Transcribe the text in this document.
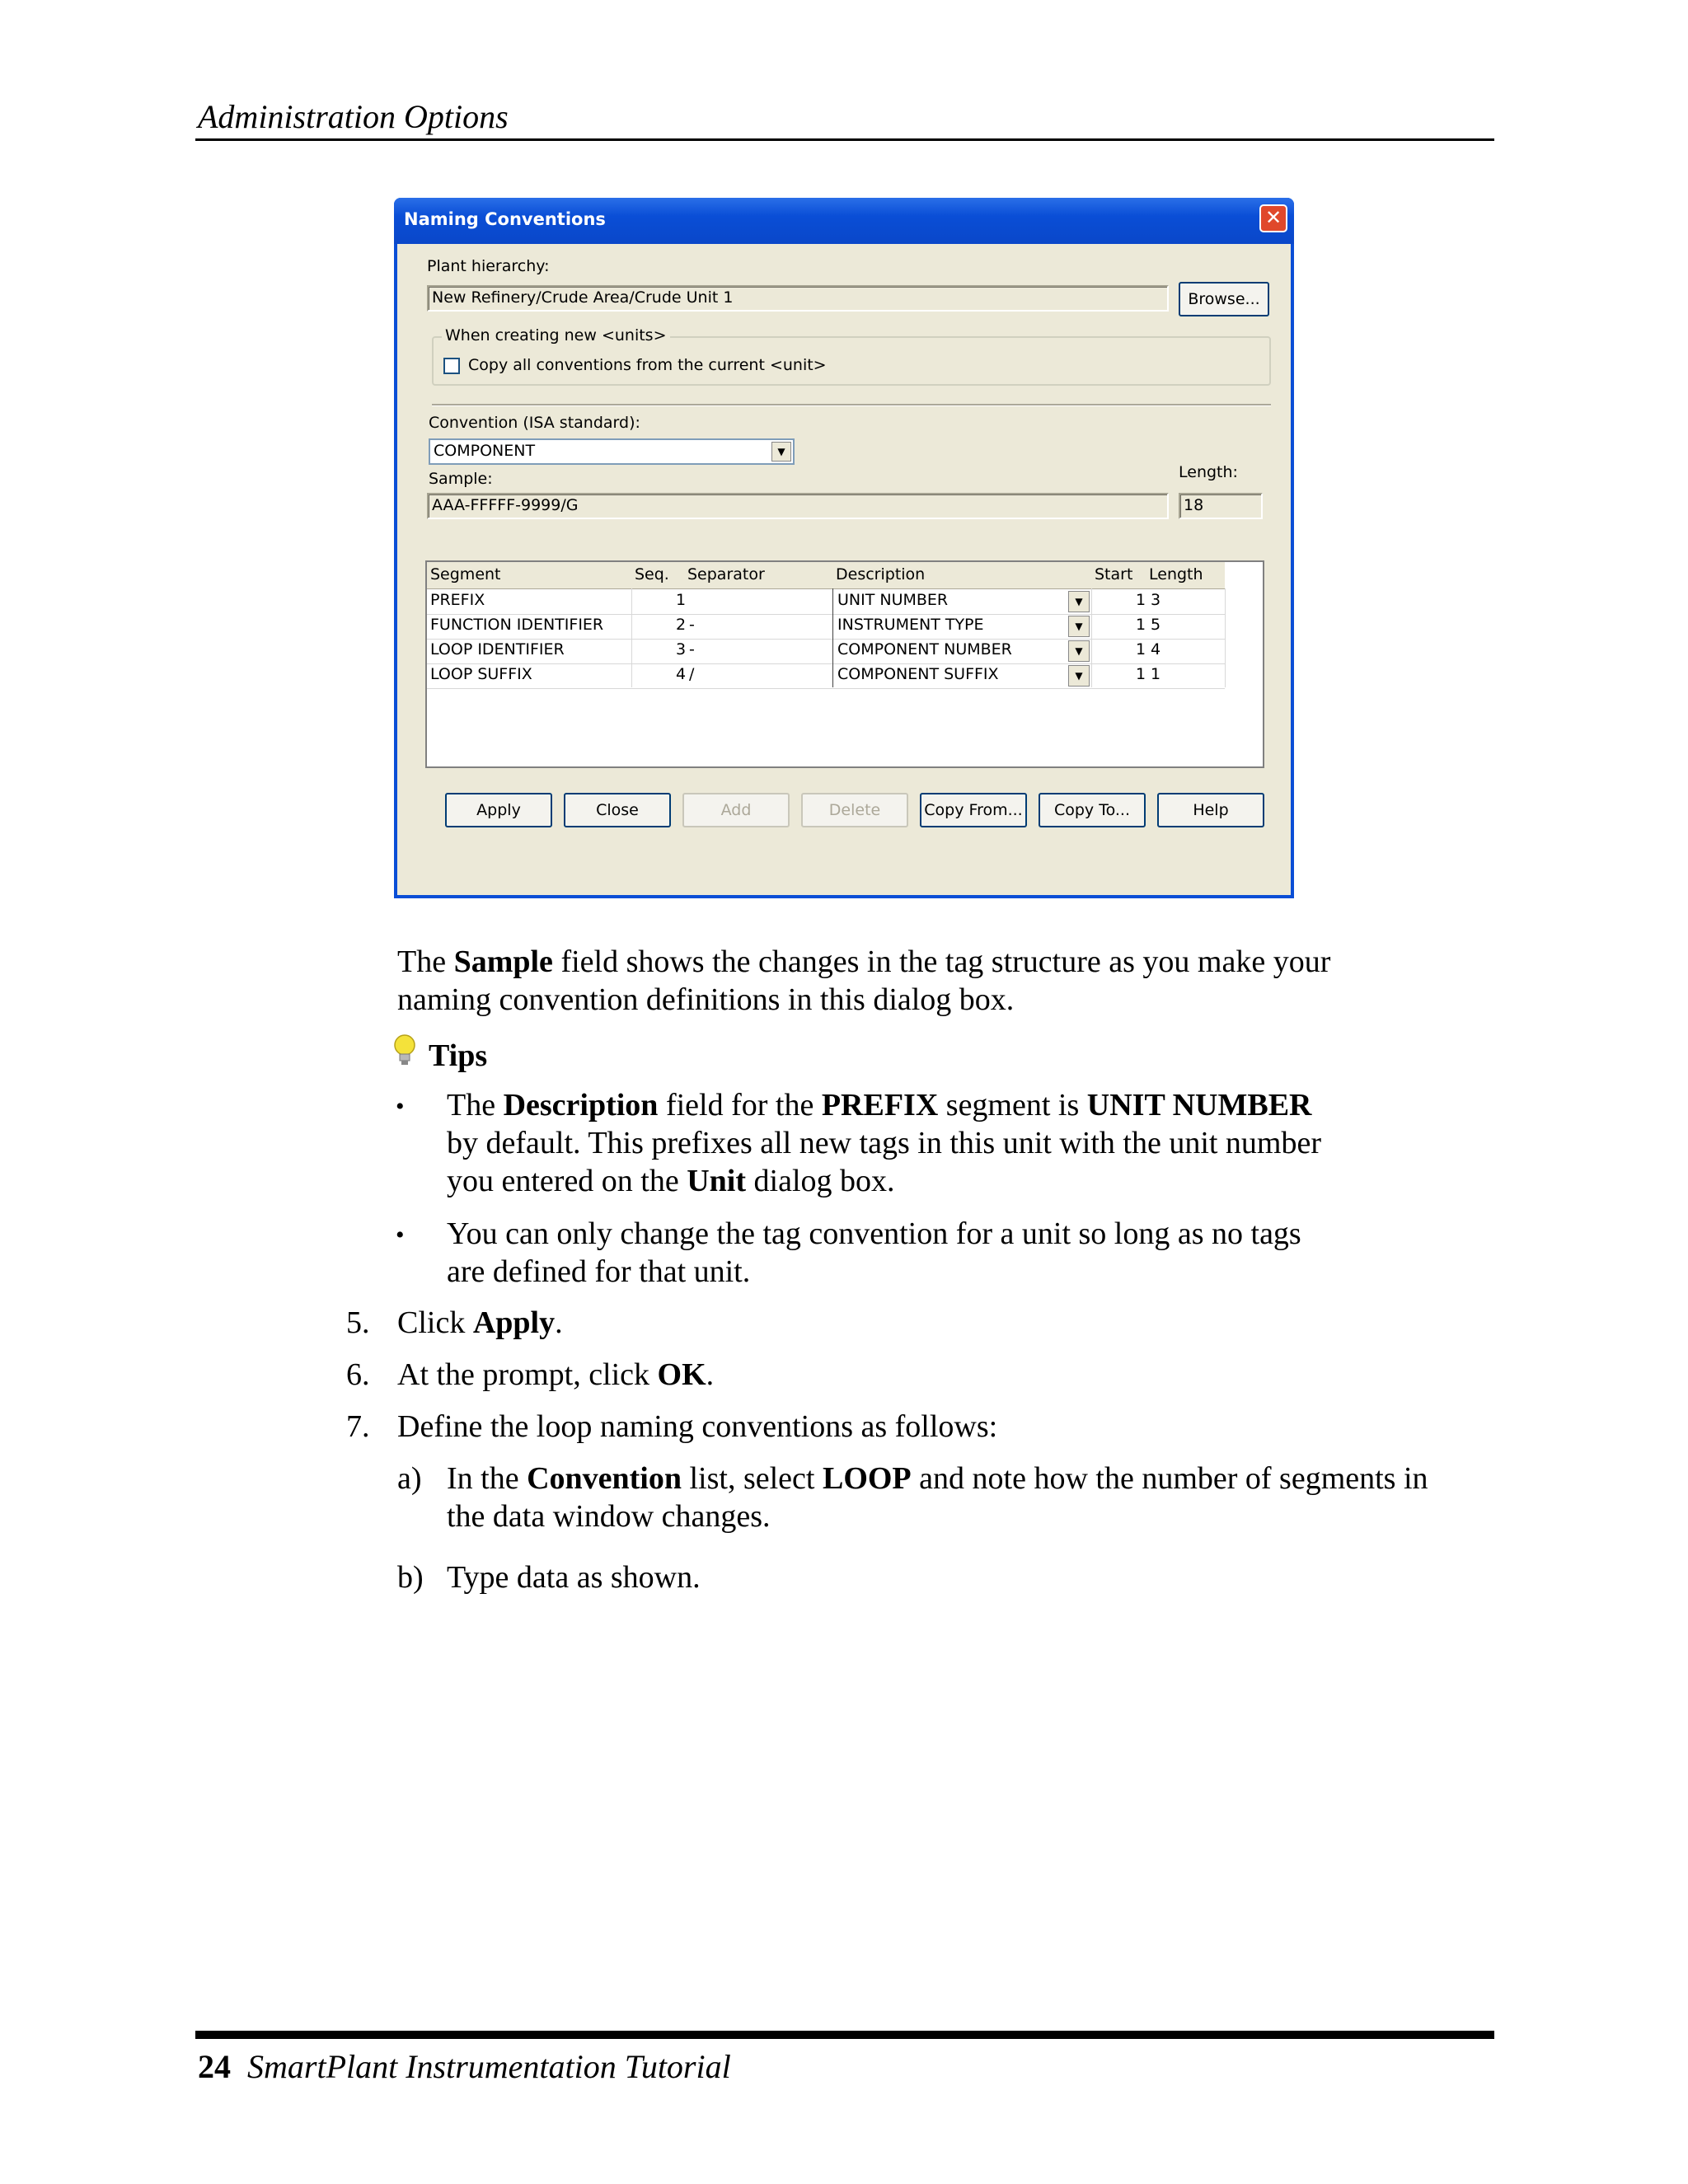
Administration Options
Naming Conventions	✕
Plant hierarchy:
New Refinery/Crude Area/Crude Unit 1	Browse...
When creating new <units>
Copy all conventions from the current <unit>
Convention (ISA standard):
COMPONENT	▼
Sample:
AAA-FFFFF-9999/G
Length:
18
Segment	Seq. Separator	Description	Start Length
PREFIX	1	UNIT NUMBER	▼	1 3
FUNCTION IDENTIFIER	2 -	INSTRUMENT TYPE	▼	1 5
LOOP IDENTIFIER	3 -	COMPONENT NUMBER	▼	1 4
LOOP SUFFIX	4 /	COMPONENT SUFFIX	▼	1 1
Apply	Close	Add	Delete	Copy From...	Copy To...	Help
The Sample field shows the changes in the tag structure as you make your
naming convention definitions in this dialog box.
Tips
• The Description field for the PREFIX segment is UNIT NUMBER
by default. This prefixes all new tags in this unit with the unit number
you entered on the Unit dialog box.
• You can only change the tag convention for a unit so long as no tags
are defined for that unit.
5. Click Apply.
6. At the prompt, click OK.
7. Define the loop naming conventions as follows:
a) In the Convention list, select LOOP and note how the number of segments in
the data window changes.
b) Type data as shown.
24 SmartPlant Instrumentation Tutorial
